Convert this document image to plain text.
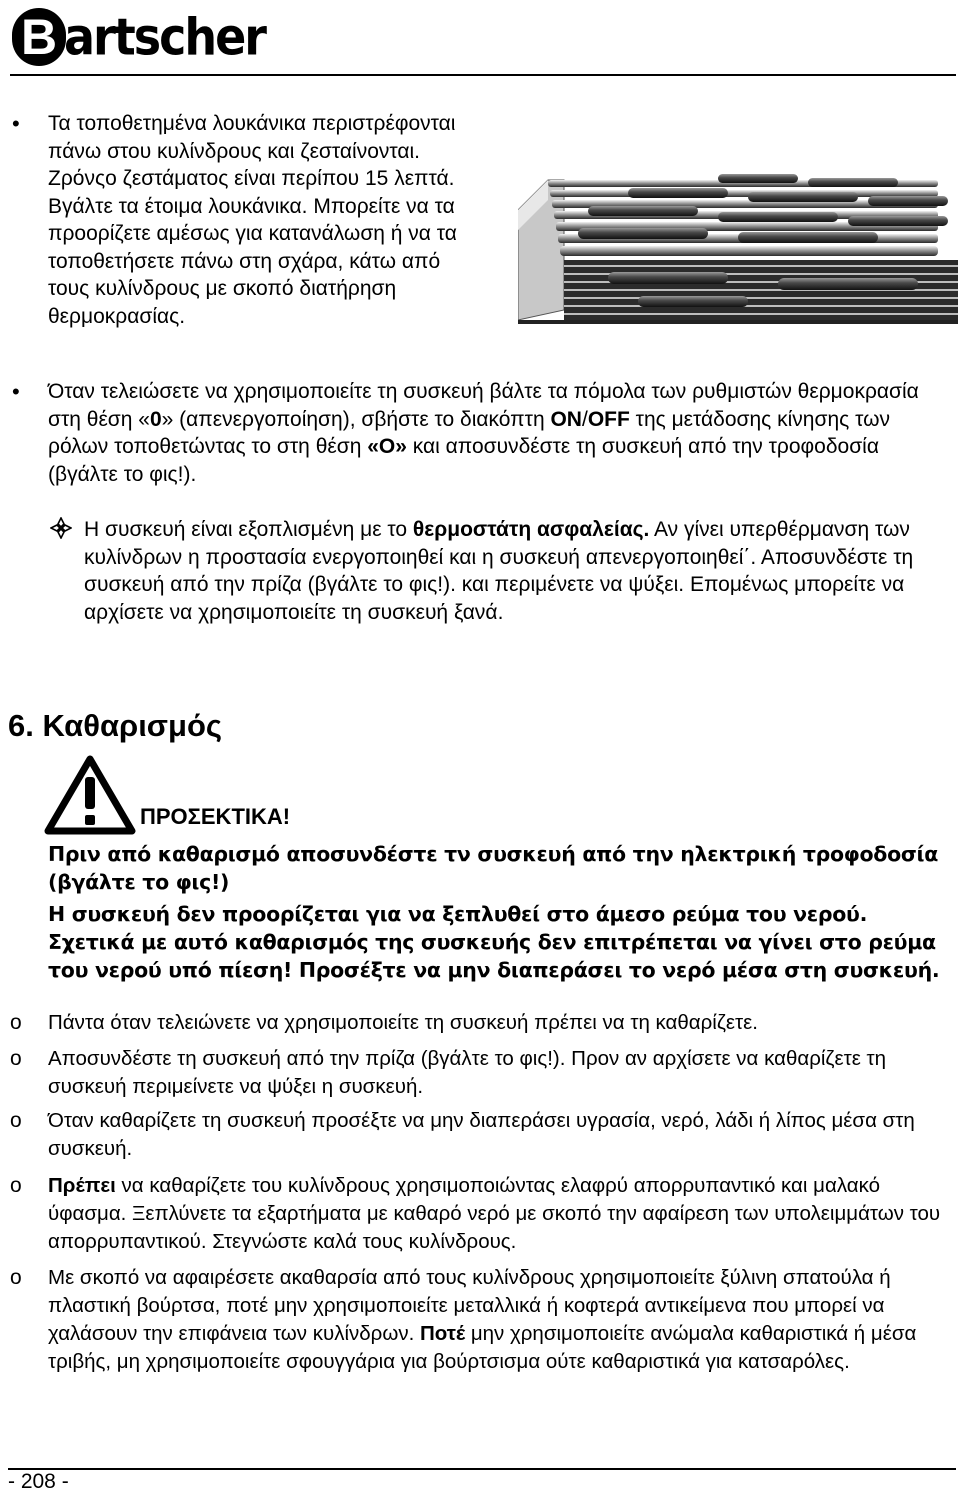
B artscher
• Τα τοποθετημένα λουκάνικα περιστρέφονται πάνω στου κυλίνδρους και ζεσταίνονται. Ζρόνςο ζεστάματος είναι περίπου 15 λεπτά. Βγάλτε τα έτοιμα λουκάνικα. Μπορείτε να τα προορίζετε αμέσως για κατανάλωση ή να τα τοποθετήσετε πάνω στη σχάρα, κάτω από τους κυλίνδρους με σκοπό διατήρηση θερμοκρασίας.

• Όταν τελειώσετε να χρησιμοποιείτε τη συσκευή βάλτε τα πόμολα των ρυθμιστών θερμοκρασία στη θέση «0» (απενεργοποίηση), σβήστε το διακόπτη ON/OFF της μετάδοσης κίνησης των ρόλων τοποθετώντας το στη θέση «O» και αποσυνδέστε τη συσκευή από την τροφοδοσία (βγάλτε το φις!).

Η συσκευή είναι εξοπλισμένη με το θερμοστάτη ασφαλείας. Αν γίνει υπερθέρμανση των κυλίνδρων η προστασία ενεργοποιηθεί και η συσκευή απενεργοποιηθεί΄. Αποσυνδέστε τη συσκευή από την πρίζα (βγάλτε το φις!). και περιμένετε να ψύξει. Επομένως μπορείτε να αρχίσετε να χρησιμοποιείτε τη συσκευή ξανά.

6. Καθαρισμός
ΠΡΟΣΕΚΤΙΚΑ!
Πριν από καθαρισμό αποσυνδέστε τν συσκευή από την ηλεκτρική τροφοδοσία (βγάλτε το φις!)
Η συσκευή δεν προορίζεται για να ξεπλυθεί στο άμεσο ρεύμα του νερού. Σχετικά με αυτό καθαρισμός της συσκευής δεν επιτρέπεται να γίνει στο ρεύμα του νερού υπό πίεση! Προσέξτε να μην διαπεράσει το νερό μέσα στη συσκευή.
o Πάντα όταν τελειώνετε να χρησιμοποιείτε τη συσκευή πρέπει να τη καθαρίζετε.
o Αποσυνδέστε τη συσκευή από την πρίζα (βγάλτε το φις!). Προν αν αρχίσετε να καθαρίζετε τη συσκευή περιμείνετε να ψύξει η συσκευή.
o Όταν καθαρίζετε τη συσκευή προσέξτε να μην διαπεράσει υγρασία, νερό, λάδι ή λίπος μέσα στη συσκευή.
o Πρέπει να καθαρίζετε του κυλίνδρους χρησιμοποιώντας ελαφρύ απορρυπαντικό και μαλακό ύφασμα. Ξεπλύνετε τα εξαρτήματα με καθαρό νερό με σκοπό την αφαίρεση των υπολειμμάτων του απορρυπαντικού. Στεγνώστε καλά τους κυλίνδρους.
o Με σκοπό να αφαιρέσετε ακαθαρσία από τους κυλίνδρους χρησιμοποιείτε ξύλινη σπατούλα ή πλαστική βούρτσα, ποτέ μην χρησιμοποιείτε μεταλλικά ή κοφτερά αντικείμενα που μπορεί να χαλάσουν την επιφάνεια των κυλίνδρων. Ποτέ μην χρησιμοποιείτε ανώμαλα καθαριστικά ή μέσα τριβής, μη χρησιμοποιείτε σφουγγάρια για βούρτσισμα ούτε καθαριστικά για κατσαρόλες.
- 208 -
